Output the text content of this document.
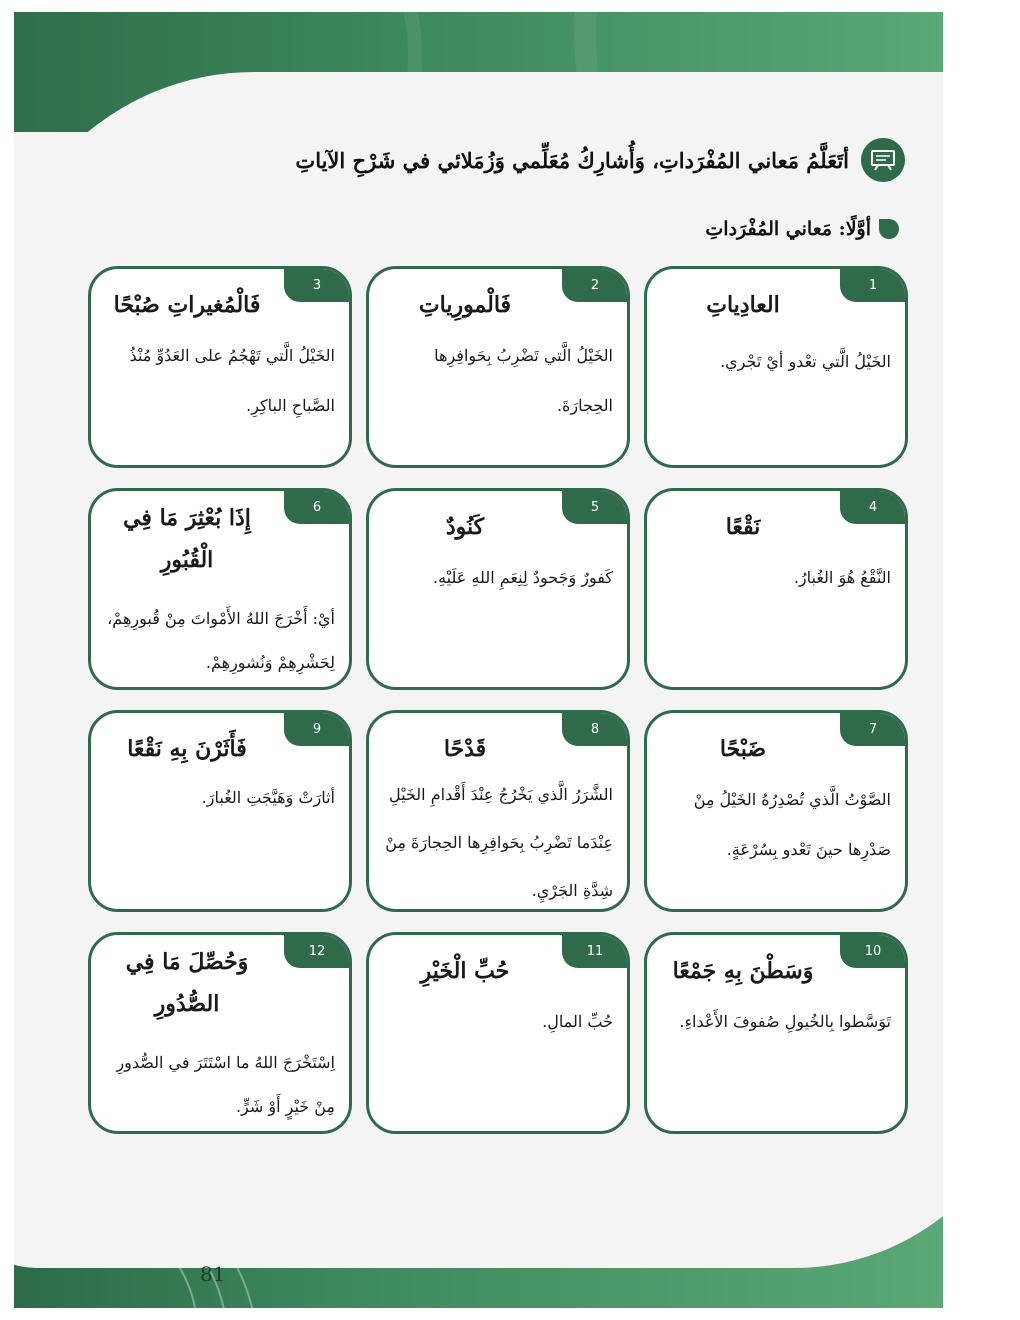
81
أتَعَلَّمُ مَعاني المُفْرَداتِ، وَأُشارِكُ مُعَلِّمي وَزُمَلائي في شَرْحِ الآياتِ
أوَّلًا: مَعاني المُفْرَداتِ
1
العادِياتِ
الخَيْلُ الَّتي تعْدو أيْ تَجْري.
2
فَالْمورِياتِ
الخَيْلُ الَّتي تَضْرِبُ بِحَوافِرِها الحِجارَةَ.
3
فَالْمُغيراتِ صُبْحًا
الخَيْلُ الَّتي تَهْجُمُ على العَدُوِّ مُنْذُ الصَّباحِ الباكِرِ.
4
نَقْعًا
النَّقْعُ هُوَ الغُبارُ.
5
كَنُودٌ
كَفورٌ وَجَحودٌ لِنِعَمِ اللهِ عَلَيْهِ.
6
إِذَا بُعْثِرَ مَا فِي الْقُبُورِ
أيْ: أَخْرَجَ اللهُ الأَمْواتَ مِنْ قُبورِهِمْ، لِحَشْرِهِمْ وَنُشورِهِمْ.
7
ضَبْحًا
الصَّوْتُ الَّذي تُصْدِرُهُ الخَيْلُ مِنْ صَدْرِها حينَ تَعْدو بِسُرْعَةٍ.
8
قَدْحًا
الشَّرَرُ الَّذي يَخْرُجُ عِنْدَ أَقْدامِ الخَيْلِ عِنْدَما تَضْرِبُ بِحَوافِرِها الحِجارَةَ مِنْ شِدَّةِ الجَرْيِ.
9
فَأَثَرْنَ بِهِ نَقْعًا
أثارَتْ وَهَيَّجَتِ الغُبارَ.
10
وَسَطْنَ بِهِ جَمْعًا
تَوَسَّطوا بِالخُيولِ صُفوفَ الأَعْداءِ.
11
حُبِّ الْخَيْرِ
حُبِّ المالِ.
12
وَحُصِّلَ مَا فِي الصُّدُورِ
اِسْتَخْرَجَ اللهُ ما اسْتَتَرَ في الصُّدورِ مِنْ خَيْرٍ أَوْ شَرٍّ.
